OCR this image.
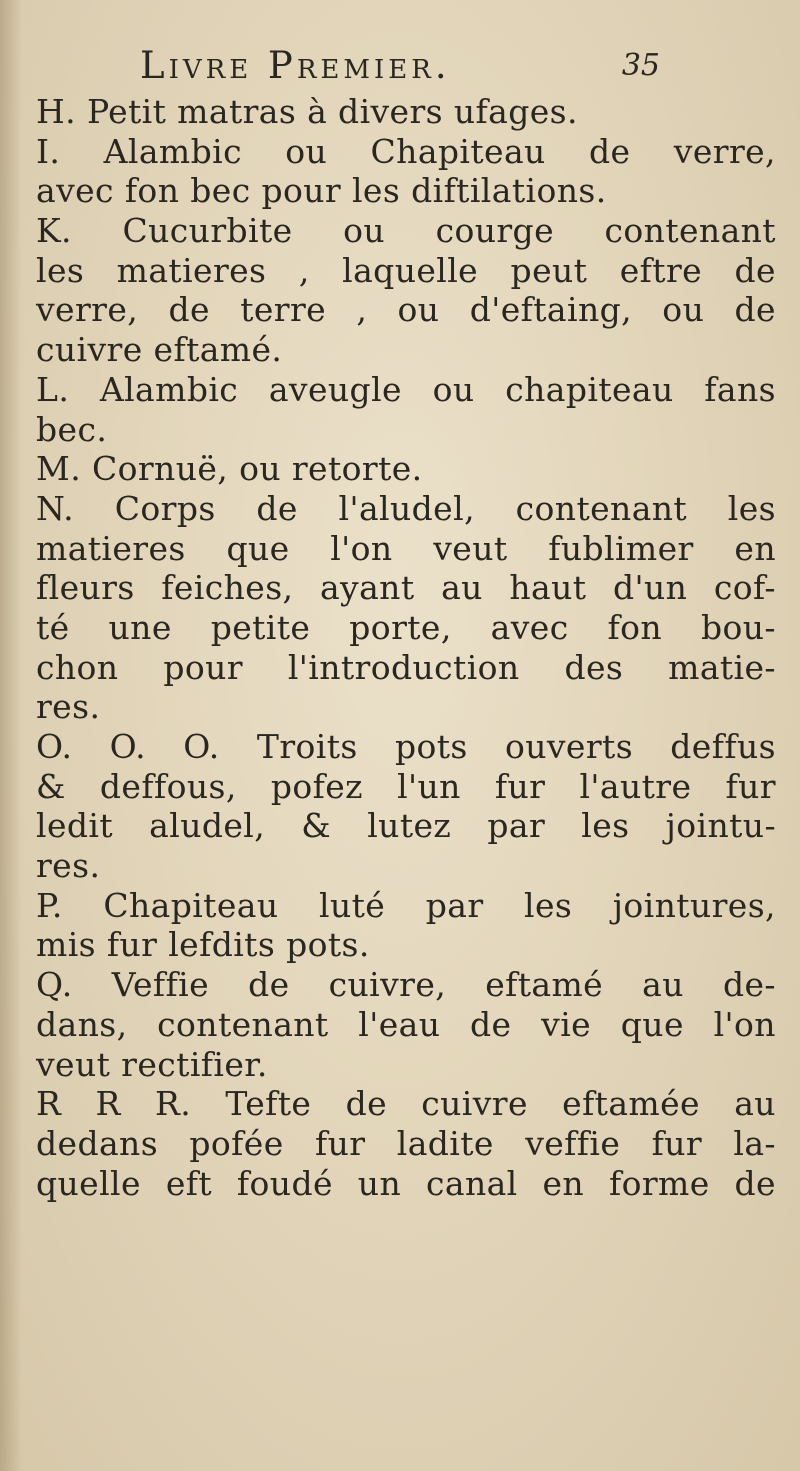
Livre Premier.	35
H. Petit matras à divers ufages.
I. Alambic ou Chapiteau de verre,
avec fon bec pour les diftilations.
K. Cucurbite ou courge contenant
les matieres , laquelle peut eftre de
verre, de terre , ou d'eftaing, ou de
cuivre eftamé.
L. Alambic aveugle ou chapiteau fans
bec.
M. Cornuë, ou retorte.
N. Corps de l'aludel, contenant les
matieres que l'on veut fublimer en
fleurs feiches, ayant au haut d'un cof-
té une petite porte, avec fon bou-
chon pour l'introduction des matie-
res.
O. O. O. Troits pots ouverts deffus
& deffous, pofez l'un fur l'autre fur
ledit aludel, & lutez par les jointu-
res.
P. Chapiteau luté par les jointures,
mis fur lefdits pots.
Q. Veffie de cuivre, eftamé au de-
dans, contenant l'eau de vie que l'on
veut rectifier.
R R R. Tefte de cuivre eftamée au
dedans pofée fur ladite veffie fur la-
quelle eft foudé un canal en forme de
